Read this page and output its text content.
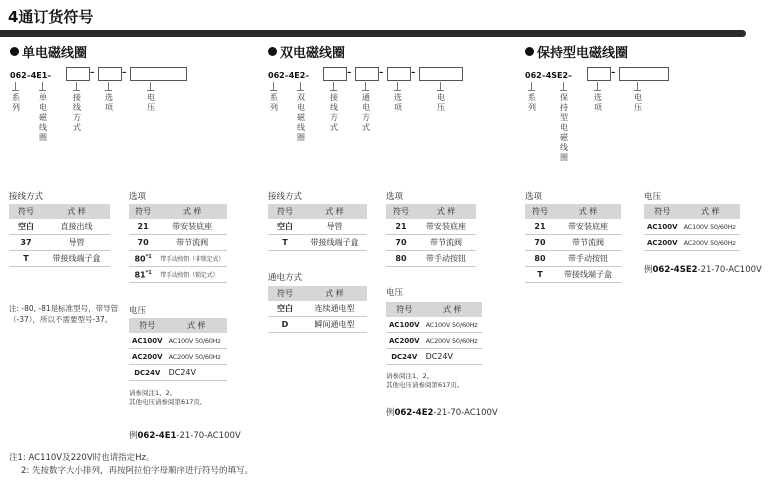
4通订货符号
单电磁线圈
062–4E1–	–	–
系列
单电磁线圈
接线方式
选项
电压
接线方式
符号	式 样
空白	直接出线
37	导管
T	带接线端子盒
选项
符号	式 样
21	带安装底座
70	带节流阀
80$^{*1}$	带手动按钮（非锁定式）
81$^{*1}$	带手动按钮（锁定式）
注: -80, -81是标准型号，带导管（-37），所以不需要型号-37。
电压
符号	式 样
AC100V	AC100V 50/60Hz
AC200V	AC200V 50/60Hz
DC24V	DC24V
请参阅注1、2。
其他电压请参阅第617页。
例062-4E1-21-70-AC100V
双电磁线圈
062–4E2–	–	–	–
系列
双电磁线圈
接线方式
通电方式
选项
电压
接线方式
符号	式 样
空白	导管
T	带接线端子盒
通电方式
符号	式 样
空白	连续通电型
D	瞬间通电型
选项
符号	式 样
21	带安装底座
70	带节流阀
80	带手动按钮
电压
符号	式 样
AC100V	AC100V 50/60Hz
AC200V	AC200V 50/60Hz
DC24V	DC24V
请参阅注1、2。
其他电压请参阅第617页。
例062-4E2-21-70-AC100V
保持型电磁线圈
062–4SE2–	–
系列
保持型电磁线圈
选项
电压
选项
符号	式 样
21	带安装底座
70	带节流阀
80	带手动按钮
T	带接线端子盒
电压
符号	式 样
AC100V	AC100V 50/60Hz
AC200V	AC200V 50/60Hz
例062-4SE2-21-70-AC100V
注1: AC110V及220V时也请指定Hz。
2: 先按数字大小排列，再按阿拉伯字母顺序进行符号的填写。
